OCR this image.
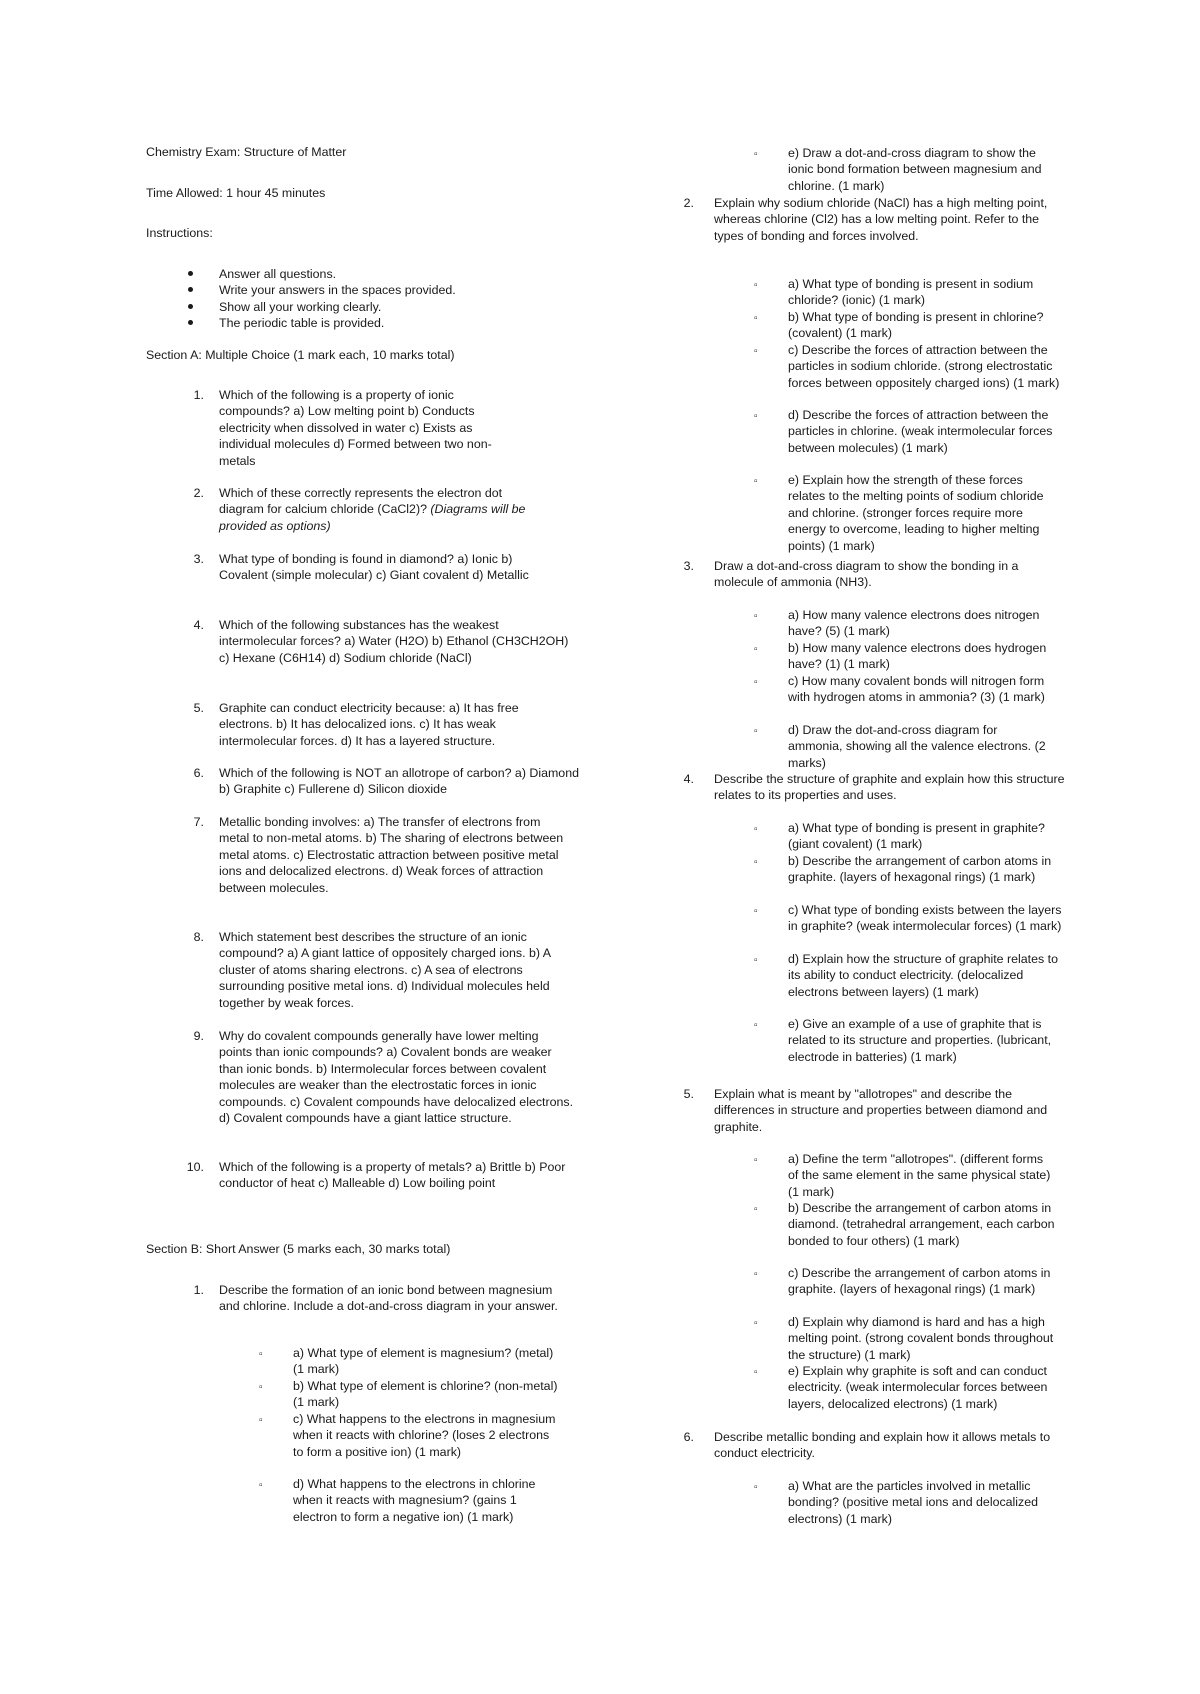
Chemistry Exam: Structure of Matter
Time Allowed: 1 hour 45 minutes
Instructions:
Answer all questions.
Write your answers in the spaces provided.
Show all your working clearly.
The periodic table is provided.
Section A: Multiple Choice (1 mark each, 10 marks total)
1. Which of the following is a property of ionic compounds? a) Low melting point b) Conducts electricity when dissolved in water c) Exists as individual molecules d) Formed between two non-metals
2. Which of these correctly represents the electron dot diagram for calcium chloride (CaCl2)? (Diagrams will be provided as options)
3. What type of bonding is found in diamond? a) Ionic b) Covalent (simple molecular) c) Giant covalent d) Metallic
4. Which of the following substances has the weakest intermolecular forces? a) Water (H2O) b) Ethanol (CH3CH2OH) c) Hexane (C6H14) d) Sodium chloride (NaCl)
5. Graphite can conduct electricity because: a) It has free electrons. b) It has delocalized ions. c) It has weak intermolecular forces. d) It has a layered structure.
6. Which of the following is NOT an allotrope of carbon? a) Diamond b) Graphite c) Fullerene d) Silicon dioxide
7. Metallic bonding involves: a) The transfer of electrons from metal to non-metal atoms. b) The sharing of electrons between metal atoms. c) Electrostatic attraction between positive metal ions and delocalized electrons. d) Weak forces of attraction between molecules.
8. Which statement best describes the structure of an ionic compound? a) A giant lattice of oppositely charged ions. b) A cluster of atoms sharing electrons. c) A sea of electrons surrounding positive metal ions. d) Individual molecules held together by weak forces.
9. Why do covalent compounds generally have lower melting points than ionic compounds? a) Covalent bonds are weaker than ionic bonds. b) Intermolecular forces between covalent molecules are weaker than the electrostatic forces in ionic compounds. c) Covalent compounds have delocalized electrons. d) Covalent compounds have a giant lattice structure.
10. Which of the following is a property of metals? a) Brittle b) Poor conductor of heat c) Malleable d) Low boiling point
Section B: Short Answer (5 marks each, 30 marks total)
1. Describe the formation of an ionic bond between magnesium and chlorine. Include a dot-and-cross diagram in your answer.
▫ a) What type of element is magnesium? (metal) (1 mark)
▫ b) What type of element is chlorine? (non-metal) (1 mark)
▫ c) What happens to the electrons in magnesium when it reacts with chlorine? (loses 2 electrons to form a positive ion) (1 mark)
▫ d) What happens to the electrons in chlorine when it reacts with magnesium? (gains 1 electron to form a negative ion) (1 mark)
▫ e) Draw a dot-and-cross diagram to show the ionic bond formation between magnesium and chlorine. (1 mark)
2. Explain why sodium chloride (NaCl) has a high melting point, whereas chlorine (Cl2) has a low melting point. Refer to the types of bonding and forces involved.
▫ a) What type of bonding is present in sodium chloride? (ionic) (1 mark)
▫ b) What type of bonding is present in chlorine? (covalent) (1 mark)
▫ c) Describe the forces of attraction between the particles in sodium chloride. (strong electrostatic forces between oppositely charged ions) (1 mark)
▫ d) Describe the forces of attraction between the particles in chlorine. (weak intermolecular forces between molecules) (1 mark)
▫ e) Explain how the strength of these forces relates to the melting points of sodium chloride and chlorine. (stronger forces require more energy to overcome, leading to higher melting points) (1 mark)
3. Draw a dot-and-cross diagram to show the bonding in a molecule of ammonia (NH3).
▫ a) How many valence electrons does nitrogen have? (5) (1 mark)
▫ b) How many valence electrons does hydrogen have? (1) (1 mark)
▫ c) How many covalent bonds will nitrogen form with hydrogen atoms in ammonia? (3) (1 mark)
▫ d) Draw the dot-and-cross diagram for ammonia, showing all the valence electrons. (2 marks)
4. Describe the structure of graphite and explain how this structure relates to its properties and uses.
▫ a) What type of bonding is present in graphite? (giant covalent) (1 mark)
▫ b) Describe the arrangement of carbon atoms in graphite. (layers of hexagonal rings) (1 mark)
▫ c) What type of bonding exists between the layers in graphite? (weak intermolecular forces) (1 mark)
▫ d) Explain how the structure of graphite relates to its ability to conduct electricity. (delocalized electrons between layers) (1 mark)
▫ e) Give an example of a use of graphite that is related to its structure and properties. (lubricant, electrode in batteries) (1 mark)
5. Explain what is meant by "allotropes" and describe the differences in structure and properties between diamond and graphite.
▫ a) Define the term "allotropes". (different forms of the same element in the same physical state) (1 mark)
▫ b) Describe the arrangement of carbon atoms in diamond. (tetrahedral arrangement, each carbon bonded to four others) (1 mark)
▫ c) Describe the arrangement of carbon atoms in graphite. (layers of hexagonal rings) (1 mark)
▫ d) Explain why diamond is hard and has a high melting point. (strong covalent bonds throughout the structure) (1 mark)
▫ e) Explain why graphite is soft and can conduct electricity. (weak intermolecular forces between layers, delocalized electrons) (1 mark)
6. Describe metallic bonding and explain how it allows metals to conduct electricity.
▫ a) What are the particles involved in metallic bonding? (positive metal ions and delocalized electrons) (1 mark)
